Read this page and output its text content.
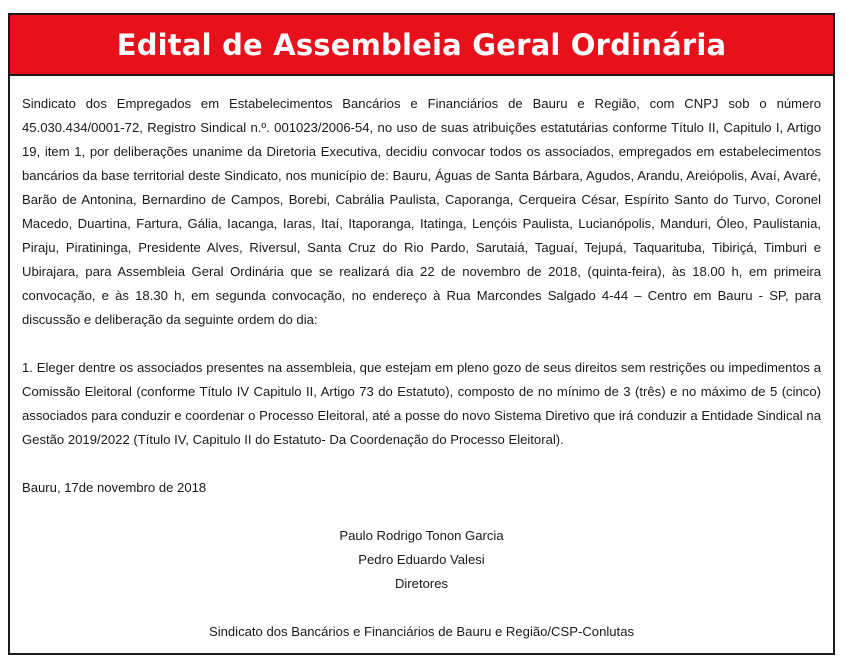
Edital de Assembleia Geral Ordinária

Sindicato dos Empregados em Estabelecimentos Bancários e Financiários de Bauru e Região, com CNPJ sob o número 45.030.434/0001-72, Registro Sindical n.º. 001023/2006-54, no uso de suas atribuições estatutárias conforme Título II, Capitulo I, Artigo 19, item 1, por deliberações unanime da Diretoria Executiva, decidiu convocar todos os associados, empregados em estabelecimentos bancários da base territorial deste Sindicato, nos município de: Bauru, Águas de Santa Bárbara, Agudos, Arandu, Areiópolis, Avaí, Avaré, Barão de Antonina, Bernardino de Campos, Borebi, Cabrália Paulista, Caporanga, Cerqueira César, Espírito Santo do Turvo, Coronel Macedo, Duartina, Fartura, Gália, Iacanga, Iaras, Itaí, Itaporanga, Itatinga, Lençóis Paulista, Lucianópolis, Manduri, Óleo, Paulistania, Piraju, Piratininga, Presidente Alves, Riversul, Santa Cruz do Rio Pardo, Sarutaiá, Taguaí, Tejupá, Taquarituba, Tibiriçá, Timburi e Ubirajara, para Assembleia Geral Ordinária que se realizará dia 22 de novembro de 2018, (quinta-feira), às 18.00 h, em primeira convocação, e às 18.30 h, em segunda convocação, no endereço à Rua Marcondes Salgado 4-44 – Centro em Bauru - SP, para discussão e deliberação da seguinte ordem do dia:

1. Eleger dentre os associados presentes na assembleia, que estejam em pleno gozo de seus direitos sem restrições ou impedimentos a Comissão Eleitoral (conforme Título IV Capitulo II, Artigo 73 do Estatuto), composto de no mínimo de 3 (três) e no máximo de 5 (cinco) associados para conduzir e coordenar o Processo Eleitoral, até a posse do novo Sistema Diretivo que irá conduzir a Entidade Sindical na Gestão 2019/2022 (Título IV, Capitulo II do Estatuto- Da Coordenação do Processo Eleitoral).

Bauru, 17de novembro de 2018

Paulo Rodrigo Tonon Garcia

Pedro Eduardo Valesi

Diretores

Sindicato dos Bancários e Financiários de Bauru e Região/CSP-Conlutas
